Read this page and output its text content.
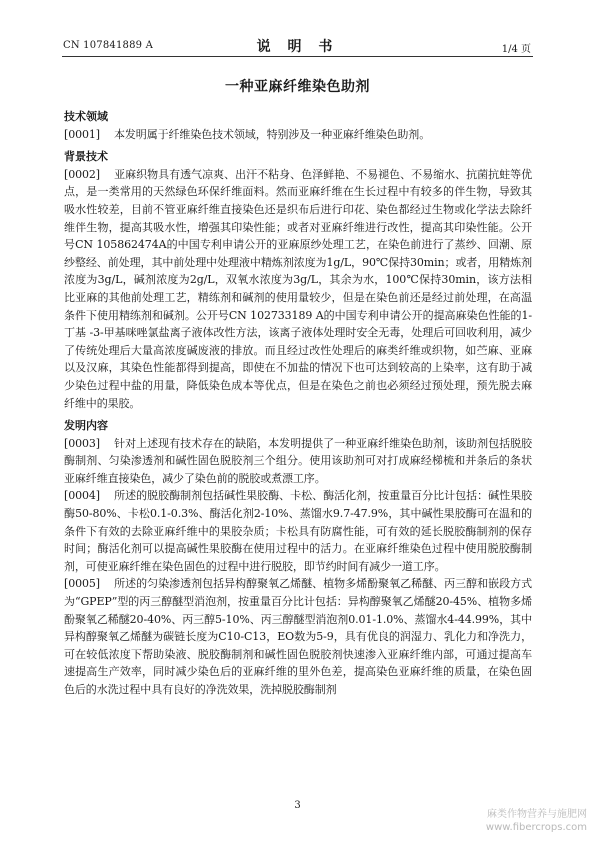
CN 107841889 A	说 明 书	1/4 页
一种亚麻纤维染色助剂
技术领域
[0001] 本发明属于纤维染色技术领域，特别涉及一种亚麻纤维染色助剂。
背景技术
[0002] 亚麻织物具有透气凉爽、出汗不粘身、色泽鲜艳、不易褪色、不易缩水、抗菌抗蛀等优点，是一类常用的天然绿色环保纤维面料。然而亚麻纤维在生长过程中有较多的伴生物，导致其吸水性较差，目前不管亚麻纤维直接染色还是织布后进行印花、染色都经过生物或化学法去除纤维伴生物，提高其吸水性，增强其印染性能；或者对亚麻纤维进行改性，提高其印染性能。公开号CN 105862474A的中国专利申请公开的亚麻原纱处理工艺，在染色前进行了蒸纱、回潮、原纱整经、前处理，其中前处理中处理液中精炼剂浓度为1g/L，90℃保持30min；或者，用精炼剂浓度为3g/L，碱剂浓度为2g/L，双氧水浓度为3g/L，其余为水，100℃保持30min，该方法相比亚麻的其他前处理工艺，精练剂和碱剂的使用量较少，但是在染色前还是经过前处理，在高温条件下使用精练剂和碱剂。公开号CN 102733189 A的中国专利申请公开的提高麻染色性能的1-丁基 -3-甲基咪唑氯盐离子液体改性方法，该离子液体处理时安全无毒，处理后可回收利用，减少了传统处理后大量高浓度碱废液的排放。而且经过改性处理后的麻类纤维或织物，如苎麻、亚麻以及汉麻，其染色性能都得到提高，即使在不加盐的情况下也可达到较高的上染率，这有助于减少染色过程中盐的用量，降低染色成本等优点，但是在染色之前也必须经过预处理，预先脱去麻纤维中的果胶。
发明内容
[0003] 针对上述现有技术存在的缺陷，本发明提供了一种亚麻纤维染色助剂，该助剂包括脱胶酶制剂、匀染渗透剂和碱性固色脱胶剂三个组分。使用该助剂可对打成麻经梯梳和并条后的条状亚麻纤维直接染色，减少了染色前的脱胶或煮漂工序。
[0004] 所述的脱胶酶制剂包括碱性果胶酶、卡松、酶活化剂，按重量百分比计包括：碱性果胶酶50-80%、卡松0.1-0.3%、酶活化剂2-10%、蒸馏水9.7-47.9%，其中碱性果胶酶可在温和的条件下有效的去除亚麻纤维中的果胶杂质；卡松具有防腐性能，可有效的延长脱胶酶制剂的保存时间；酶活化剂可以提高碱性果胶酶在使用过程中的活力。在亚麻纤维染色过程中使用脱胶酶制剂，可使亚麻纤维在染色固色的过程中进行脱胶，即节约时间有减少一道工序。
[0005] 所述的匀染渗透剂包括异构醇聚氧乙烯醚、植物多烯酚聚氧乙稀醚、丙三醇和嵌段方式为“GPEP”型的丙三醇醚型消泡剂，按重量百分比计包括：异构醇聚氧乙烯醚20-45%、植物多烯酚聚氧乙稀醚20-40%、丙三醇5-10%、丙三醇醚型消泡剂0.01-1.0%、蒸馏水4-44.99%，其中异构醇聚氧乙烯醚为碳链长度为C10-C13，EO数为5-9，具有优良的润湿力、乳化力和净洗力，可在较低浓度下帮助染液、脱胶酶制剂和碱性固色脱胶剂快速渗入亚麻纤维内部，可通过提高车速提高生产效率，同时减少染色后的亚麻纤维的里外色差，提高染色亚麻纤维的质量，在染色固色后的水洗过程中具有良好的净洗效果，洗掉脱胶酶制剂
3
麻类作物营养与施肥网
www.fibercrops.com
